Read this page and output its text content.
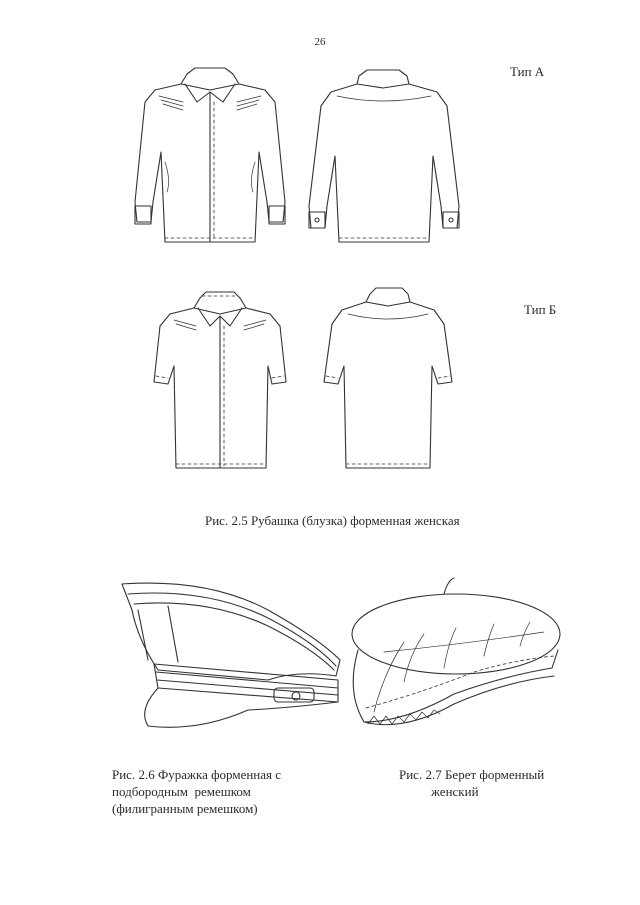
26
Тип А
Тип Б
Рис. 2.5 Рубашка (блузка) форменная женская
Рис. 2.6 Фуражка форменная с
подбородным  ремешком
(филигранным ремешком)
Рис. 2.7 Берет форменный
женский
